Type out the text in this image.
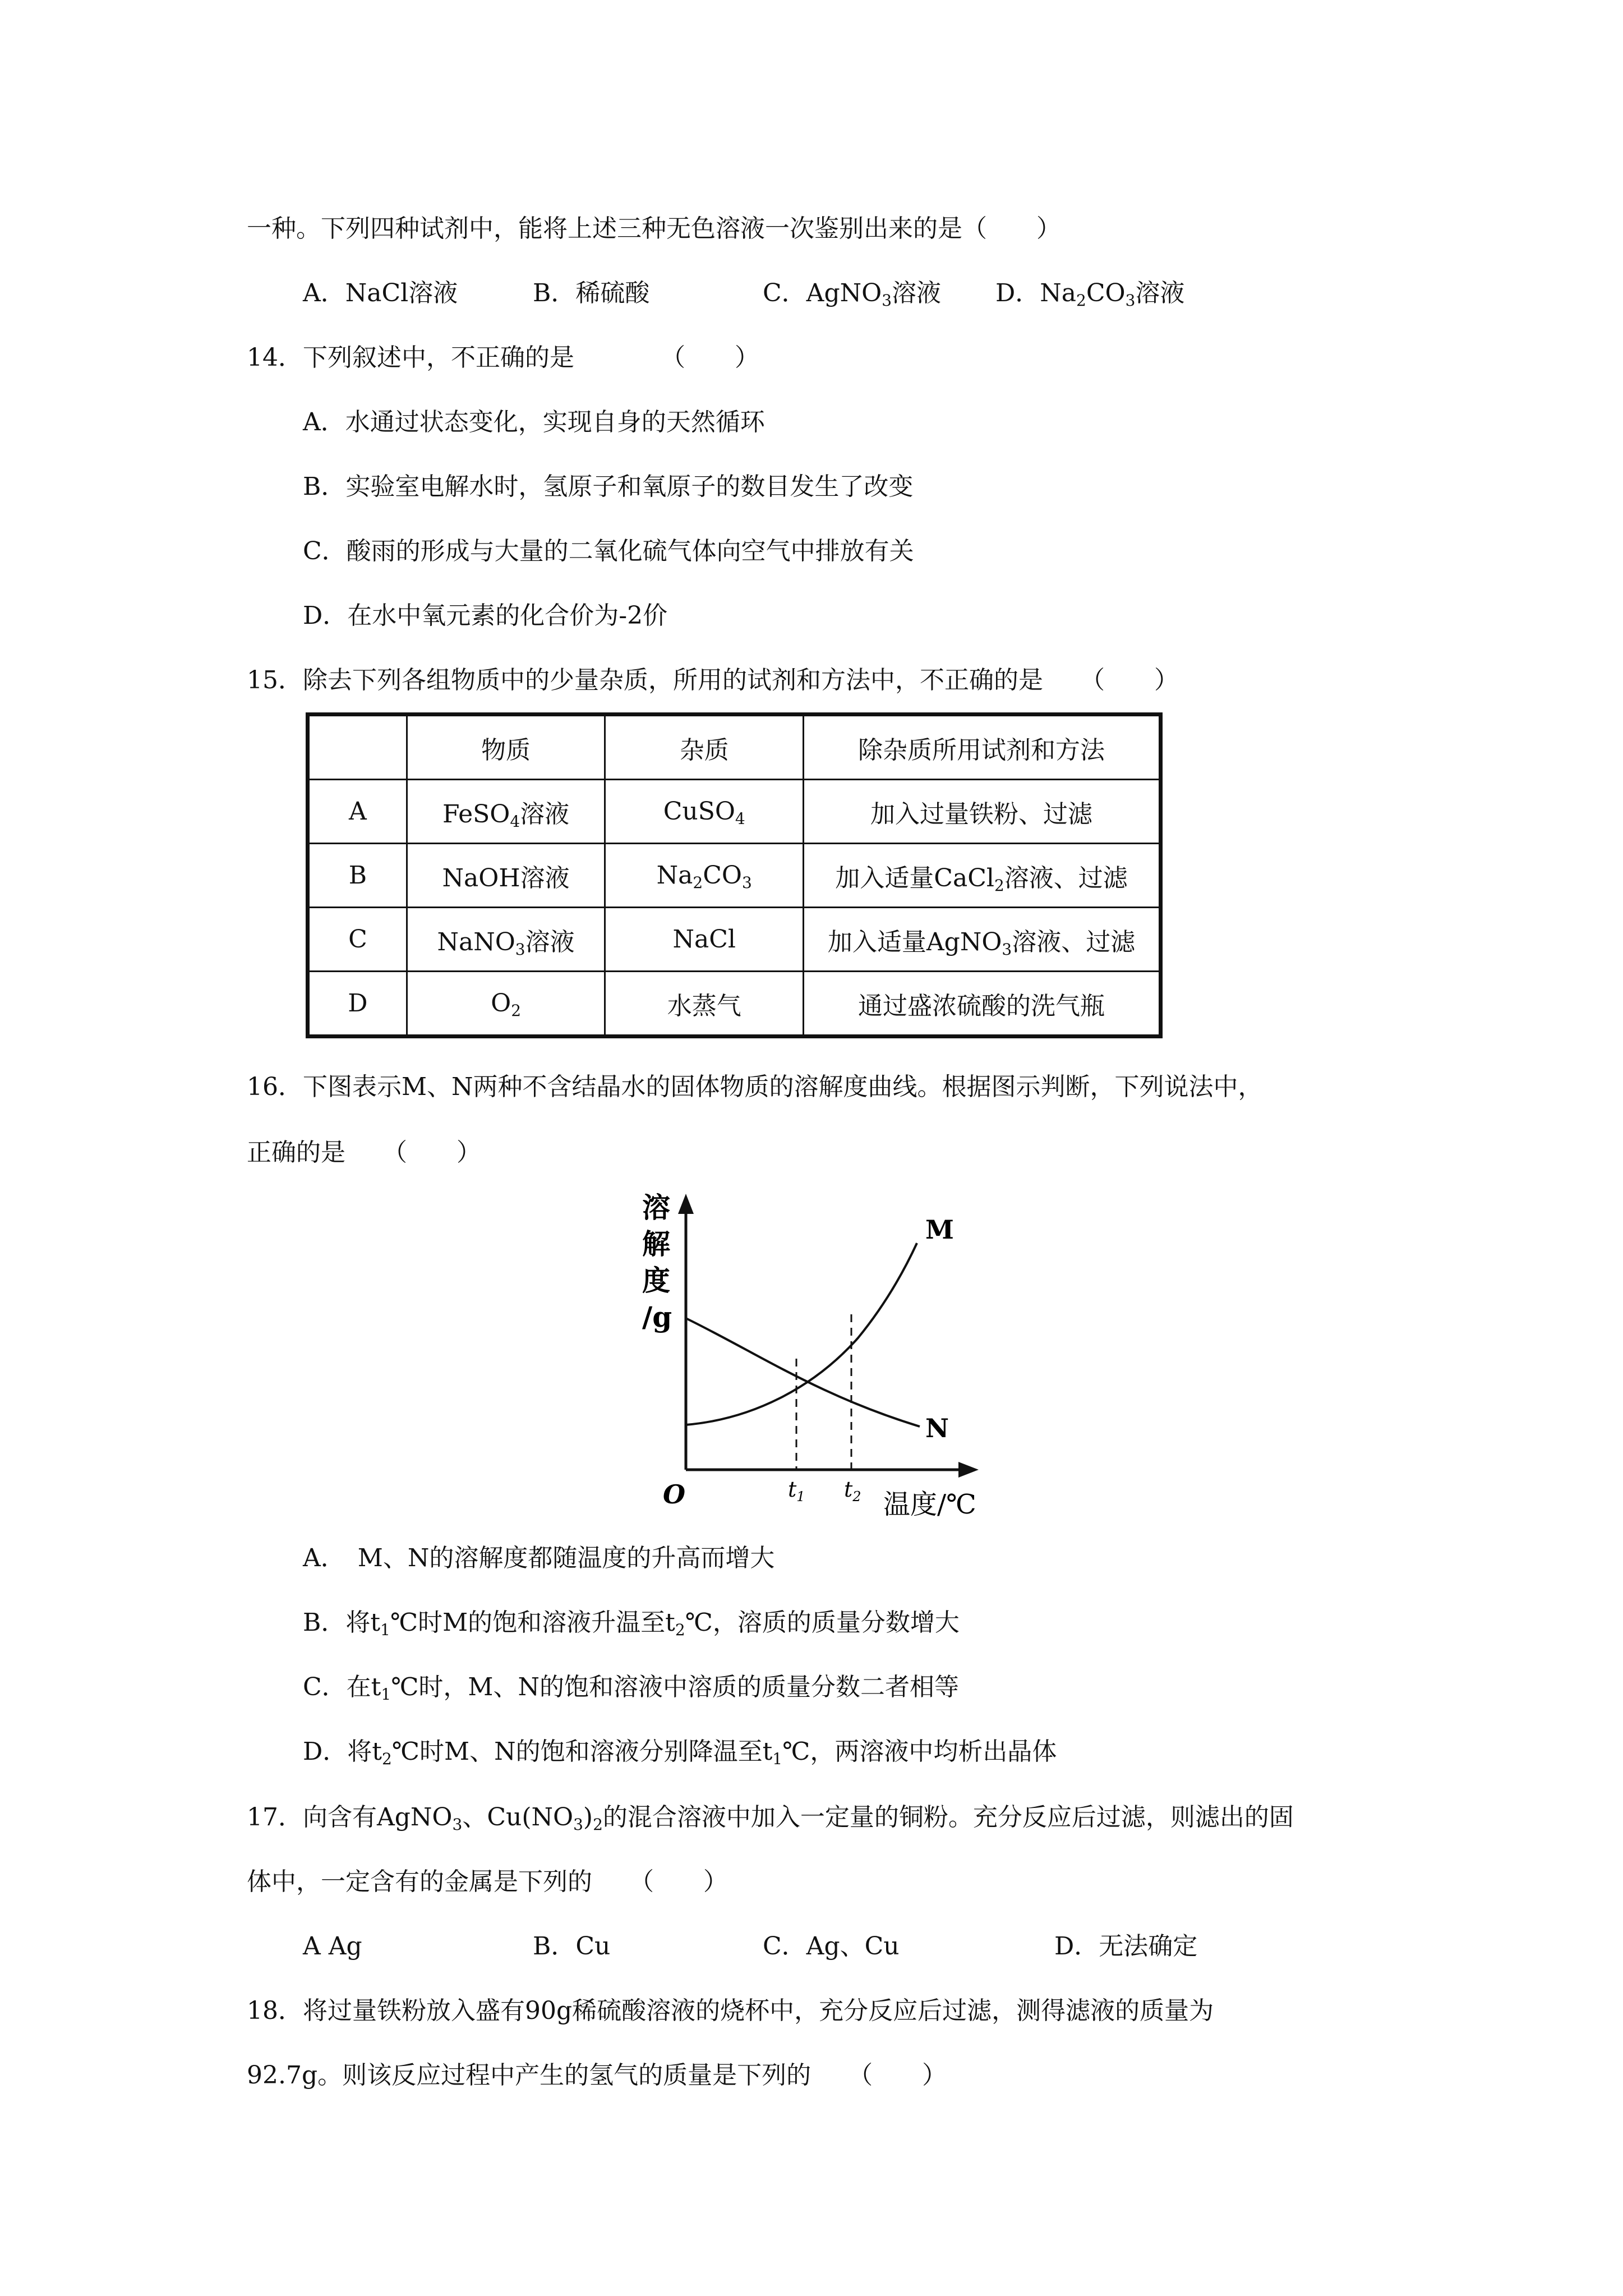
一种。下列四种试剂中，能将上述三种无色溶液一次鉴别出来的是（　　）
A．NaCl溶液	B．稀硫酸	C．AgNO$_3$溶液 D．$Na_2CO_3$溶液
14．下列叙述中，不正确的是　　　　（　　）
A．水通过状态变化，实现自身的天然循环
B．实验室电解水时，氢原子和氧原子的数目发生了改变
C．酸雨的形成与大量的二氧化硫气体向空气中排放有关
D．在水中氧元素的化合价为-2价
15．除去下列各组物质中的少量杂质，所用的试剂和方法中，不正确的是　　（　　）
	物质	杂质	除杂质所用试剂和方法
A	FeSO$_4$溶液	CuSO$_4$	加入过量铁粉、过滤
B	NaOH溶液	$Na_2CO_3$	加入适量CaCl$_2$溶液、过滤
C	NaNO$_3$溶液	NaCl	加入适量AgNO$_3$溶液、过滤
D	$O_2$	水蒸气	通过盛浓硫酸的洗气瓶
16．下图表示M、N两种不含结晶水的固体物质的溶解度曲线。根据图示判断，下列说法中，
正确的是　　（　　）
溶
解
度
/g
M
N
O	$t_1$ $t_2$ 温度/℃
A．　M、N的溶解度都随温度的升高而增大
B．将$t_1℃$时M的饱和溶液升温至$t_2℃$，溶质的质量分数增大
C．在$t_1℃$时，M、N的饱和溶液中溶质的质量分数二者相等
D．将$t_2℃$时M、N的饱和溶液分别降温至$t_1℃$，两溶液中均析出晶体
17．向含有AgNO$_3$、$Cu(NO_3)_2$的混合溶液中加入一定量的铜粉。充分反应后过滤，则滤出的固
体中，一定含有的金属是下列的　　（　　）
A Ag	B．Cu	C．Ag、Cu	D．无法确定
18．将过量铁粉放入盛有90g稀硫酸溶液的烧杯中，充分反应后过滤，测得滤液的质量为
92.7g。则该反应过程中产生的氢气的质量是下列的　　（　　）
